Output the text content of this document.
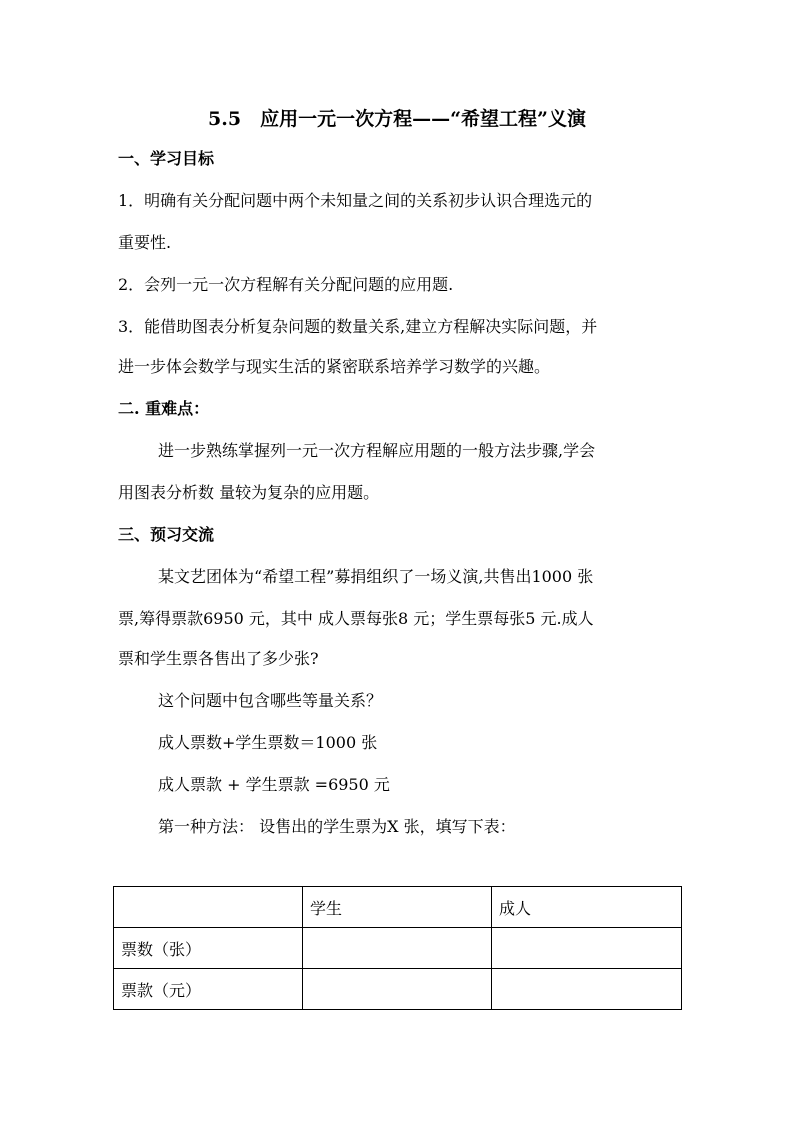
5.5　应用一元一次方程——“希望工程”义演
一、学习目标
1．明确有关分配问题中两个未知量之间的关系初步认识合理选元的
重要性.
2．会列一元一次方程解有关分配问题的应用题.
3．能借助图表分析复杂问题的数量关系,建立方程解决实际问题，并
进一步体会数学与现实生活的紧密联系培养学习数学的兴趣。
二. 重难点：
进一步熟练掌握列一元一次方程解应用题的一般方法步骤,学会
用图表分析数 量较为复杂的应用题。
三、预习交流
某文艺团体为“希望工程”募捐组织了一场义演,共售出1000 张
票,筹得票款6950 元，其中 成人票每张8 元；学生票每张5 元.成人
票和学生票各售出了多少张?
这个问题中包含哪些等量关系？
成人票数+学生票数＝1000 张
成人票款 + 学生票款 =6950 元
第一种方法： 设售出的学生票为X 张，填写下表：
	学生	成人
票数（张）		
票款（元）		
